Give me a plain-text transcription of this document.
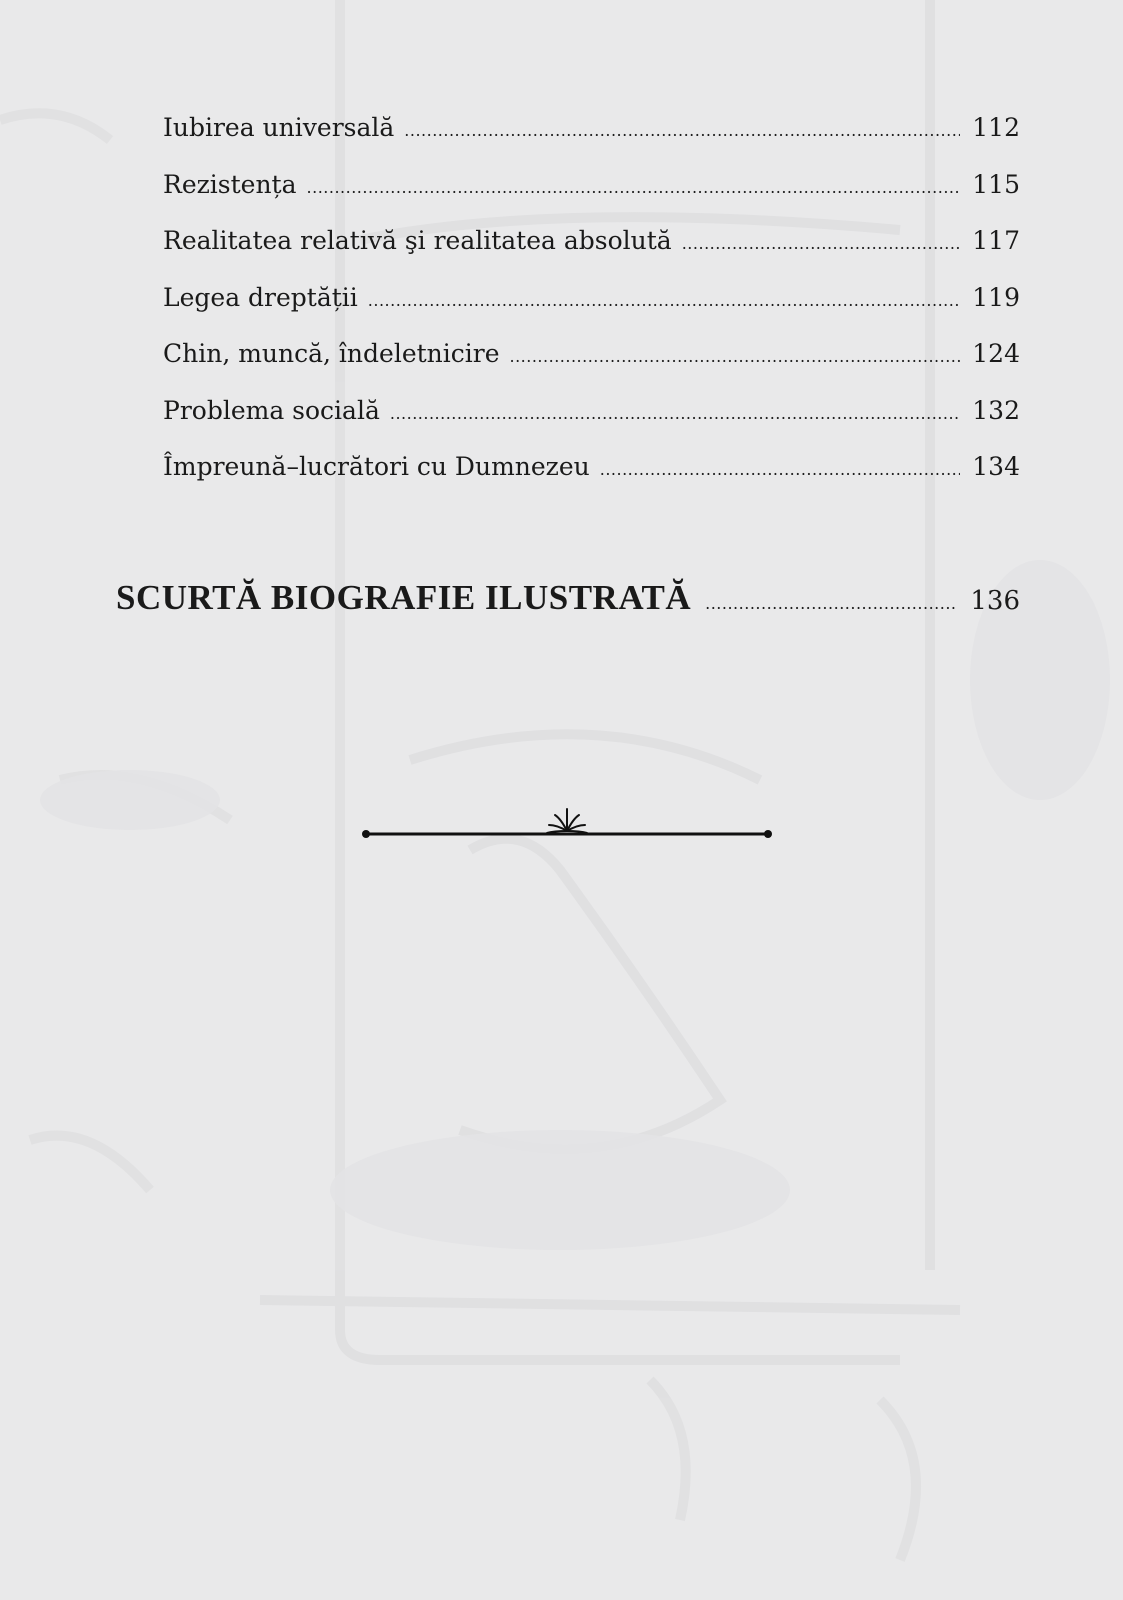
Iubirea universală .....	112
Rezistența .....	115
Realitatea relativă şi realitatea absolută .....	117
Legea dreptății .....	119
Chin, muncă, îndeletnicire .....	124
Problema socială .....	132
Împreună–lucrători cu Dumnezeu .....	134
SCURTĂ BIOGRAFIE ILUSTRATĂ .....	136
